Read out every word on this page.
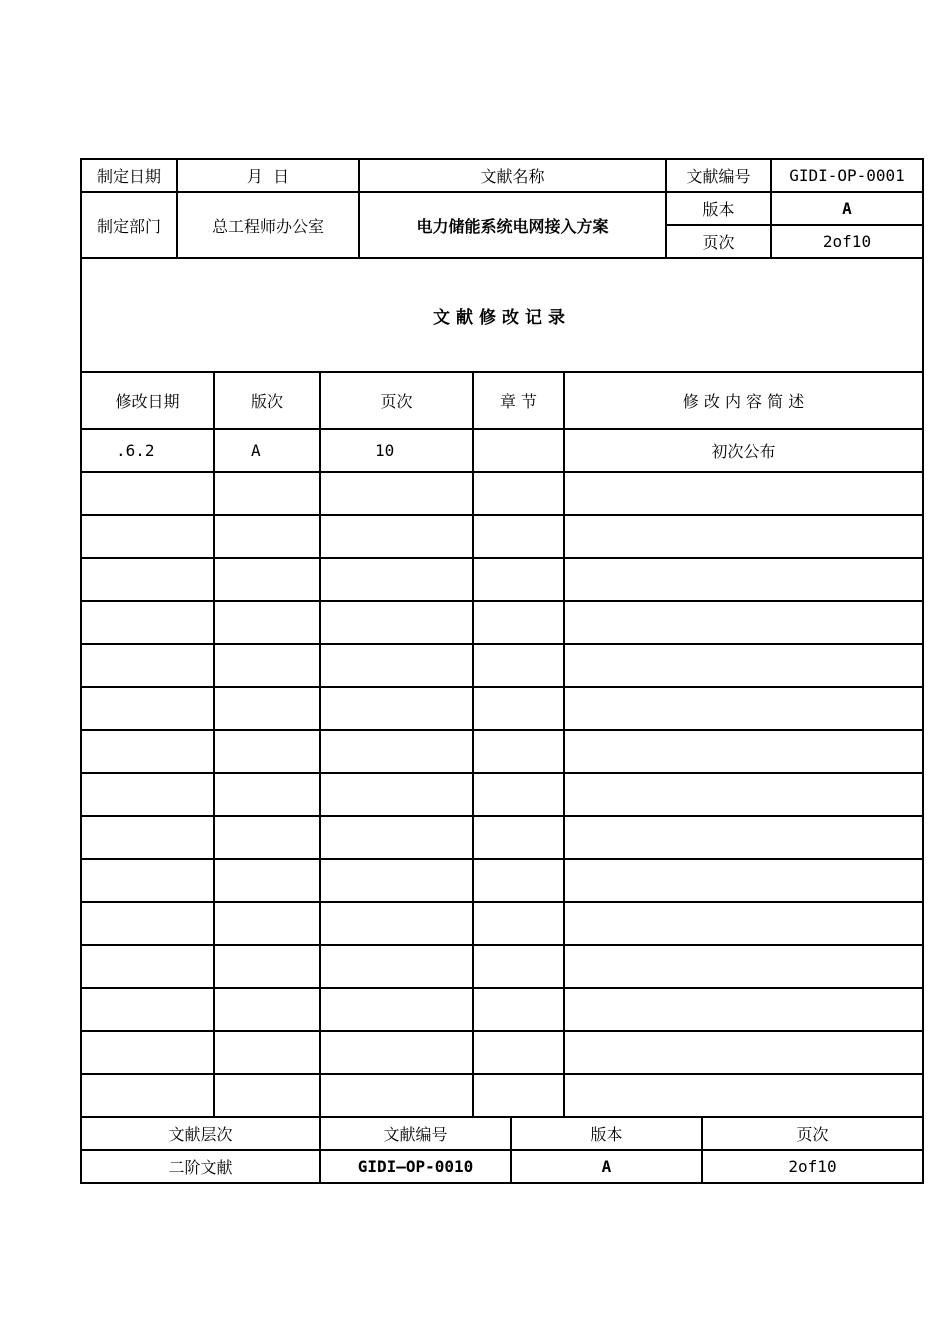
制定日期	月  日	文献名称	文献编号	GIDI-OP-0001
制定部门	总工程师办公室	电力储能系统电网接入方案	版本	A
			页次	2of10
文献修改记录				
修改日期	版次	页次	章 节	修 改 内 容 简 述
.6.2	A	10		初次公布

文献层次	文献编号	版本	页次
二阶文献	GIDI—OP-0010	A	2of10
